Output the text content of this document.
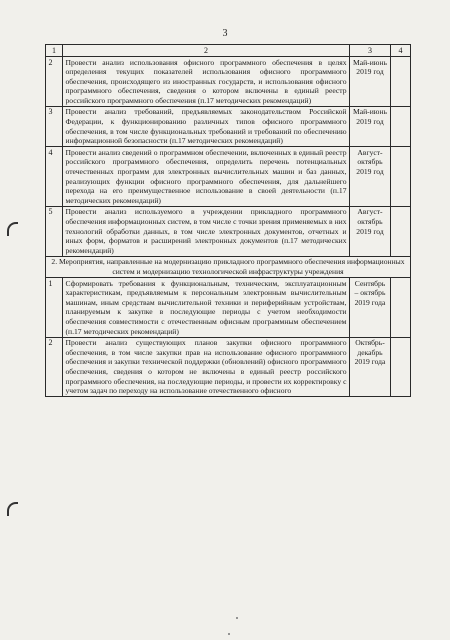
3
1	2	3	4
2	Провести анализ использования офисного программного обеспечения в целях определения текущих показателей использования офисного программного обеспечения, происходящего из иностранных государств, и использования офисного программного обеспечения, сведения о котором включены в единый реестр российского программного обеспечения (п.17 методических рекомендаций)	Май-июнь 2019 год	
3	Провести анализ требований, предъявляемых законодательством Российской Федерации, к функционированию различных типов офисного программного обеспечения, в том числе функциональных требований и требований по обеспечению информационной безопасности (п.17 методических рекомендаций)	Май-июнь 2019 год	
4	Провести анализ сведений о программном обеспечении, включенных в единый реестр российского программного обеспечения, определить перечень потенциальных отечественных программ для электронных вычислительных машин и баз данных, реализующих функции офисного программного обеспечения, для дальнейшего перехода на его преимущественное использование в своей деятельности (п.17 методических рекомендаций)	Август-октябрь 2019 год	
5	Провести анализ используемого в учреждении прикладного программного обеспечения информационных систем, в том числе с точки зрения применяемых в них технологий обработки данных, в том числе электронных документов, отчетных и иных форм, форматов и расширений электронных документов (п.17 методических рекомендаций)	Август-октябрь 2019 год	
2. Мероприятия, направленные на модернизацию прикладного программного обеспечения информационных систем и модернизацию технологической инфраструктуры учреждения			
1	Сформировать требования к функциональным, техническим, эксплуатационным характеристикам, предъявляемым к персональным электронным вычислительным машинам, иным средствам вычислительной техники и периферийным устройствам, планируемым к закупке в последующие периоды с учетом необходимости обеспечения совместимости с отечественным офисным программным обеспечением (п.17 методических рекомендаций)	Сентябрь – октябрь 2019 года	
2	Провести анализ существующих планов закупки офисного программного обеспечения, в том числе закупки прав на использование офисного программного обеспечения и закупки технической поддержки (обновлений) офисного программного обеспечения, сведения о котором не включены в единый реестр российского программного обеспечения, на последующие периоды, и провести их корректировку с учетом задач по переходу на использование отечественного офисного	Октябрь-декабрь 2019 года	
